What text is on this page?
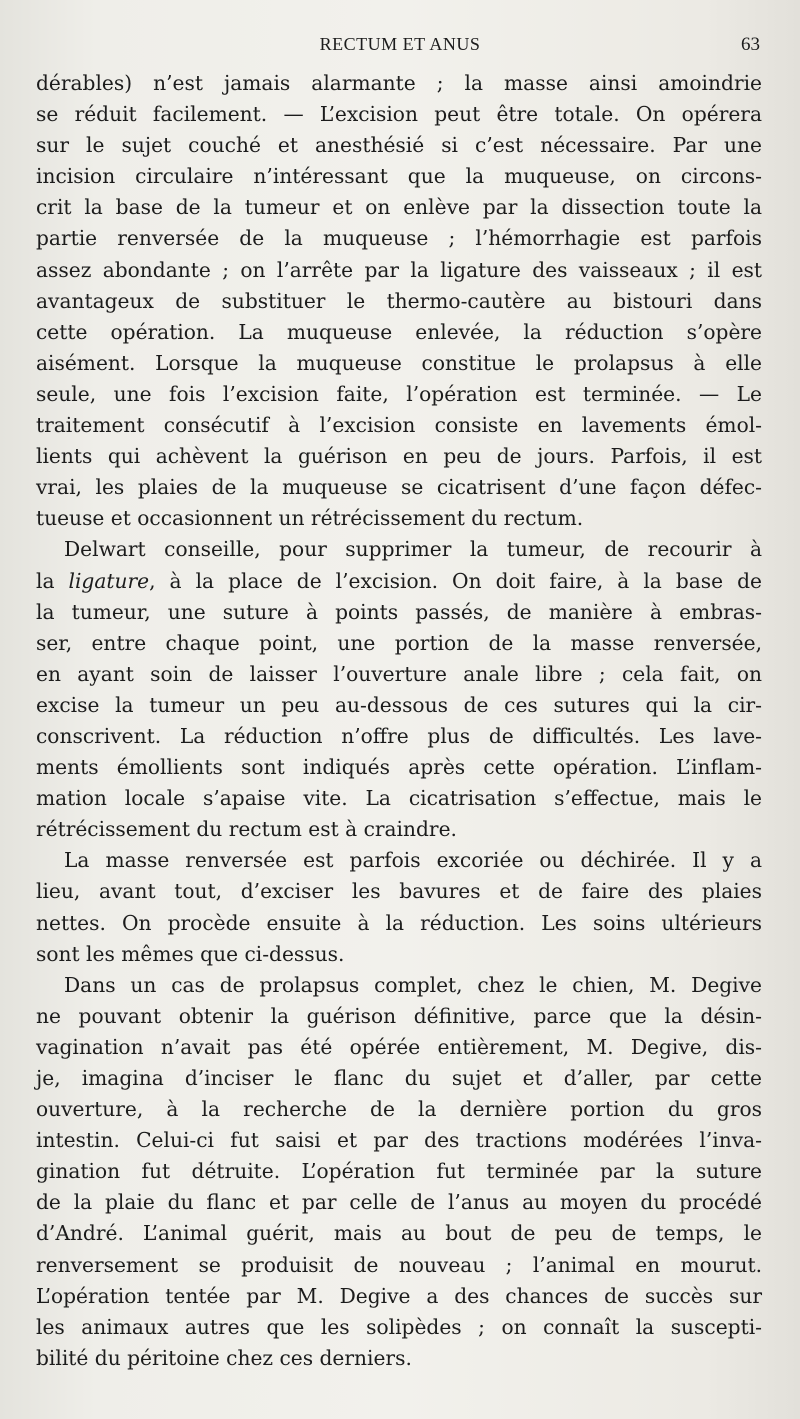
RECTUM ET ANUS	63
dérables) n’est jamais alarmante ; la masse ainsi amoindrie
se réduit facilement. — L’excision peut être totale. On opérera
sur le sujet couché et anesthésié si c’est nécessaire. Par une
incision circulaire n’intéressant que la muqueuse, on circons-
crit la base de la tumeur et on enlève par la dissection toute la
partie renversée de la muqueuse ; l’hémorrhagie est parfois
assez abondante ; on l’arrête par la ligature des vaisseaux ; il est
avantageux de substituer le thermo-cautère au bistouri dans
cette opération. La muqueuse enlevée, la réduction s’opère
aisément. Lorsque la muqueuse constitue le prolapsus à elle
seule, une fois l’excision faite, l’opération est terminée. — Le
traitement consécutif à l’excision consiste en lavements émol-
lients qui achèvent la guérison en peu de jours. Parfois, il est
vrai, les plaies de la muqueuse se cicatrisent d’une façon défec-
tueuse et occasionnent un rétrécissement du rectum.
Delwart conseille, pour supprimer la tumeur, de recourir à
la ligature, à la place de l’excision. On doit faire, à la base de
la tumeur, une suture à points passés, de manière à embras-
ser, entre chaque point, une portion de la masse renversée,
en ayant soin de laisser l’ouverture anale libre ; cela fait, on
excise la tumeur un peu au-dessous de ces sutures qui la cir-
conscrivent. La réduction n’offre plus de difficultés. Les lave-
ments émollients sont indiqués après cette opération. L’inflam-
mation locale s’apaise vite. La cicatrisation s’effectue, mais le
rétrécissement du rectum est à craindre.
La masse renversée est parfois excoriée ou déchirée. Il y a
lieu, avant tout, d’exciser les bavures et de faire des plaies
nettes. On procède ensuite à la réduction. Les soins ultérieurs
sont les mêmes que ci-dessus.
Dans un cas de prolapsus complet, chez le chien, M. Degive
ne pouvant obtenir la guérison définitive, parce que la désin-
vagination n’avait pas été opérée entièrement, M. Degive, dis-
je, imagina d’inciser le flanc du sujet et d’aller, par cette
ouverture, à la recherche de la dernière portion du gros
intestin. Celui-ci fut saisi et par des tractions modérées l’inva-
gination fut détruite. L’opération fut terminée par la suture
de la plaie du flanc et par celle de l’anus au moyen du procédé
d’André. L’animal guérit, mais au bout de peu de temps, le
renversement se produisit de nouveau ; l’animal en mourut.
L’opération tentée par M. Degive a des chances de succès sur
les animaux autres que les solipèdes ; on connaît la suscepti-
bilité du péritoine chez ces derniers.
